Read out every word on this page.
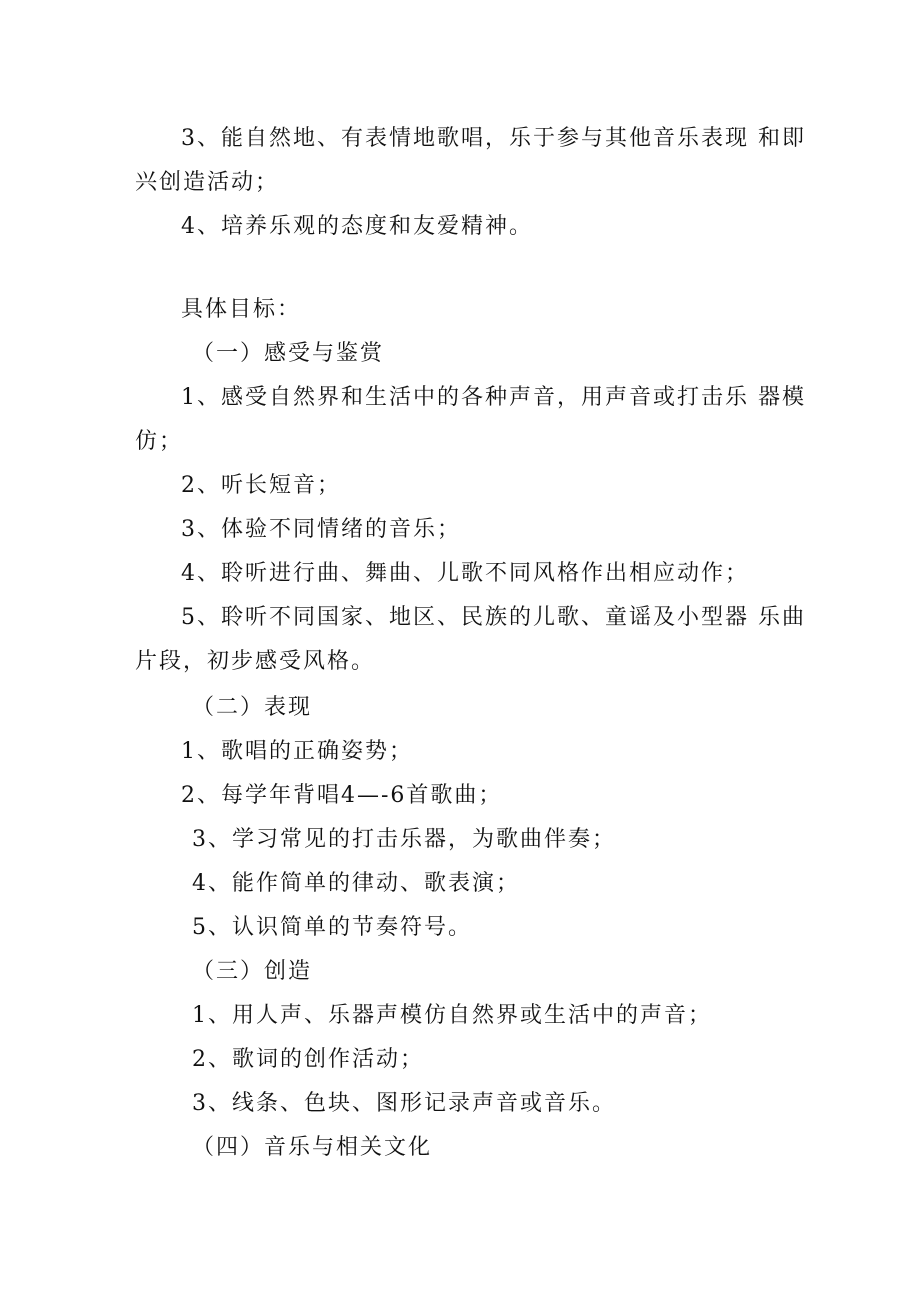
3、能自然地、有表情地歌唱，乐于参与其他音乐表现 和即
兴创造活动；
4、培养乐观的态度和友爱精神。
具体目标：
（一）感受与鉴赏
1、感受自然界和生活中的各种声音，用声音或打击乐 器模
仿；
2、听长短音；
3、体验不同情绪的音乐；
4、聆听进行曲、舞曲、儿歌不同风格作出相应动作；
5、聆听不同国家、地区、民族的儿歌、童谣及小型器 乐曲
片段，初步感受风格。
（二）表现
1、歌唱的正确姿势；
2、每学年背唱4—-6首歌曲；
3、学习常见的打击乐器，为歌曲伴奏；
4、能作简单的律动、歌表演；
5、认识简单的节奏符号。
（三）创造
1、用人声、乐器声模仿自然界或生活中的声音；
2、歌词的创作活动；
3、线条、色块、图形记录声音或音乐。
（四）音乐与相关文化
